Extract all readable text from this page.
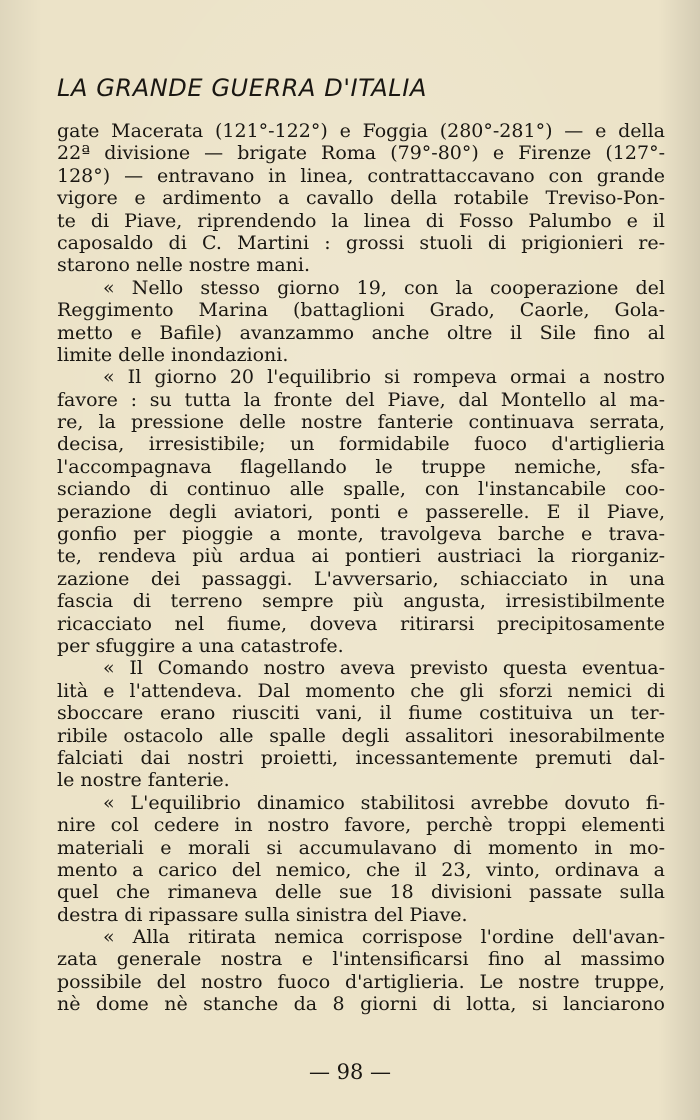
LA GRANDE GUERRA D'ITALIA
gate Macerata (121°-122°) e Foggia (280°-281°) — e della
22ª divisione — brigate Roma (79°-80°) e Firenze (127°-
128°) — entravano in linea, contrattaccavano con grande
vigore e ardimento a cavallo della rotabile Treviso-Pon-
te di Piave, riprendendo la linea di Fosso Palumbo e il
caposaldo di C. Martini : grossi stuoli di prigionieri re-
starono nelle nostre mani.
« Nello stesso giorno 19, con la cooperazione del
Reggimento Marina (battaglioni Grado, Caorle, Gola-
metto e Bafile) avanzammo anche oltre il Sile fino al
limite delle inondazioni.
« Il giorno 20 l'equilibrio si rompeva ormai a nostro
favore : su tutta la fronte del Piave, dal Montello al ma-
re, la pressione delle nostre fanterie continuava serrata,
decisa, irresistibile; un formidabile fuoco d'artiglieria
l'accompagnava flagellando le truppe nemiche, sfa-
sciando di continuo alle spalle, con l'instancabile coo-
perazione degli aviatori, ponti e passerelle. E il Piave,
gonfio per pioggie a monte, travolgeva barche e trava-
te, rendeva più ardua ai pontieri austriaci la riorganiz-
zazione dei passaggi. L'avversario, schiacciato in una
fascia di terreno sempre più angusta, irresistibilmente
ricacciato nel fiume, doveva ritirarsi precipitosamente
per sfuggire a una catastrofe.
« Il Comando nostro aveva previsto questa eventua-
lità e l'attendeva. Dal momento che gli sforzi nemici di
sboccare erano riusciti vani, il fiume costituiva un ter-
ribile ostacolo alle spalle degli assalitori inesorabilmente
falciati dai nostri proietti, incessantemente premuti dal-
le nostre fanterie.
« L'equilibrio dinamico stabilitosi avrebbe dovuto fi-
nire col cedere in nostro favore, perchè troppi elementi
materiali e morali si accumulavano di momento in mo-
mento a carico del nemico, che il 23, vinto, ordinava a
quel che rimaneva delle sue 18 divisioni passate sulla
destra di ripassare sulla sinistra del Piave.
« Alla ritirata nemica corrispose l'ordine dell'avan-
zata generale nostra e l'intensificarsi fino al massimo
possibile del nostro fuoco d'artiglieria. Le nostre truppe,
nè dome nè stanche da 8 giorni di lotta, si lanciarono
— 98 —
